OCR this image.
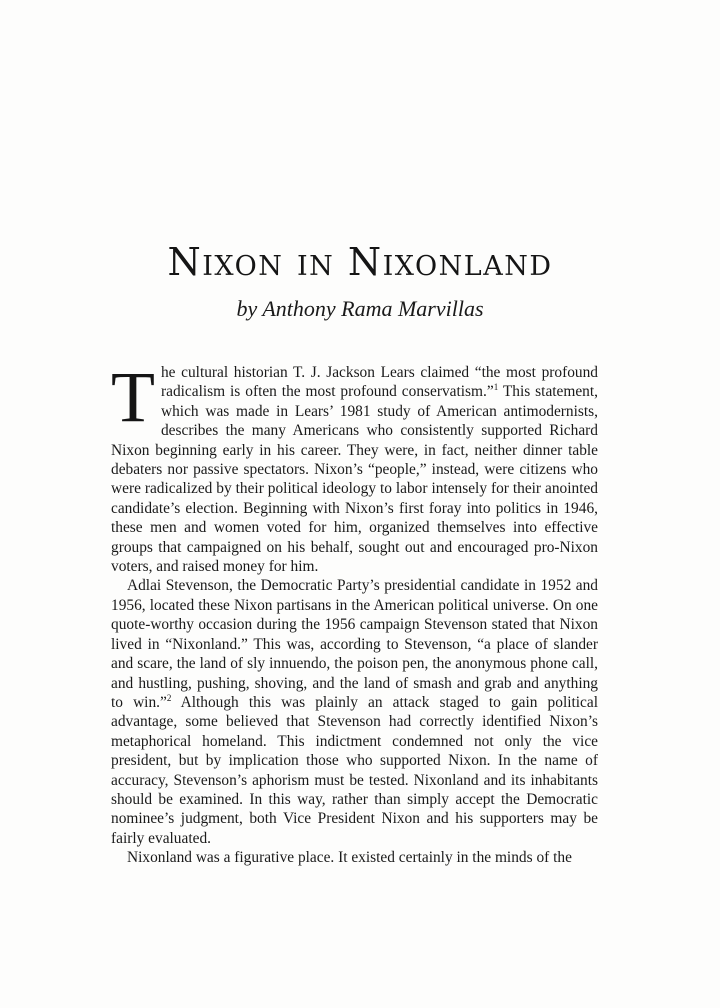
Nixon in Nixonland
by Anthony Rama Marvillas

The cultural historian T. J. Jackson Lears claimed “the most profound radicalism is often the most profound conservatism.”$^1$ This statement, which was made in Lears’ 1981 study of American antimodernists, describes the many Americans who consistently supported Richard Nixon beginning early in his career. They were, in fact, neither dinner table debaters nor passive spectators. Nixon’s “people,” instead, were citizens who were radicalized by their political ideology to labor intensely for their anointed candidate’s election. Beginning with Nixon’s first foray into politics in 1946, these men and women voted for him, organized themselves into effective groups that campaigned on his behalf, sought out and encouraged pro-Nixon voters, and raised money for him.

Adlai Stevenson, the Democratic Party’s presidential candidate in 1952 and 1956, located these Nixon partisans in the American political universe. On one quote-worthy occasion during the 1956 campaign Stevenson stated that Nixon lived in “Nixonland.” This was, according to Stevenson, “a place of slander and scare, the land of sly innuendo, the poison pen, the anonymous phone call, and hustling, pushing, shoving, and the land of smash and grab and anything to win.”$^2$ Although this was plainly an attack staged to gain political advantage, some believed that Stevenson had correctly identified Nixon’s metaphorical homeland. This indictment condemned not only the vice president, but by implication those who supported Nixon. In the name of accuracy, Stevenson’s aphorism must be tested. Nixonland and its inhabitants should be examined. In this way, rather than simply accept the Democratic nominee’s judgment, both Vice President Nixon and his supporters may be fairly evaluated.

Nixonland was a figurative place. It existed certainly in the minds of the
